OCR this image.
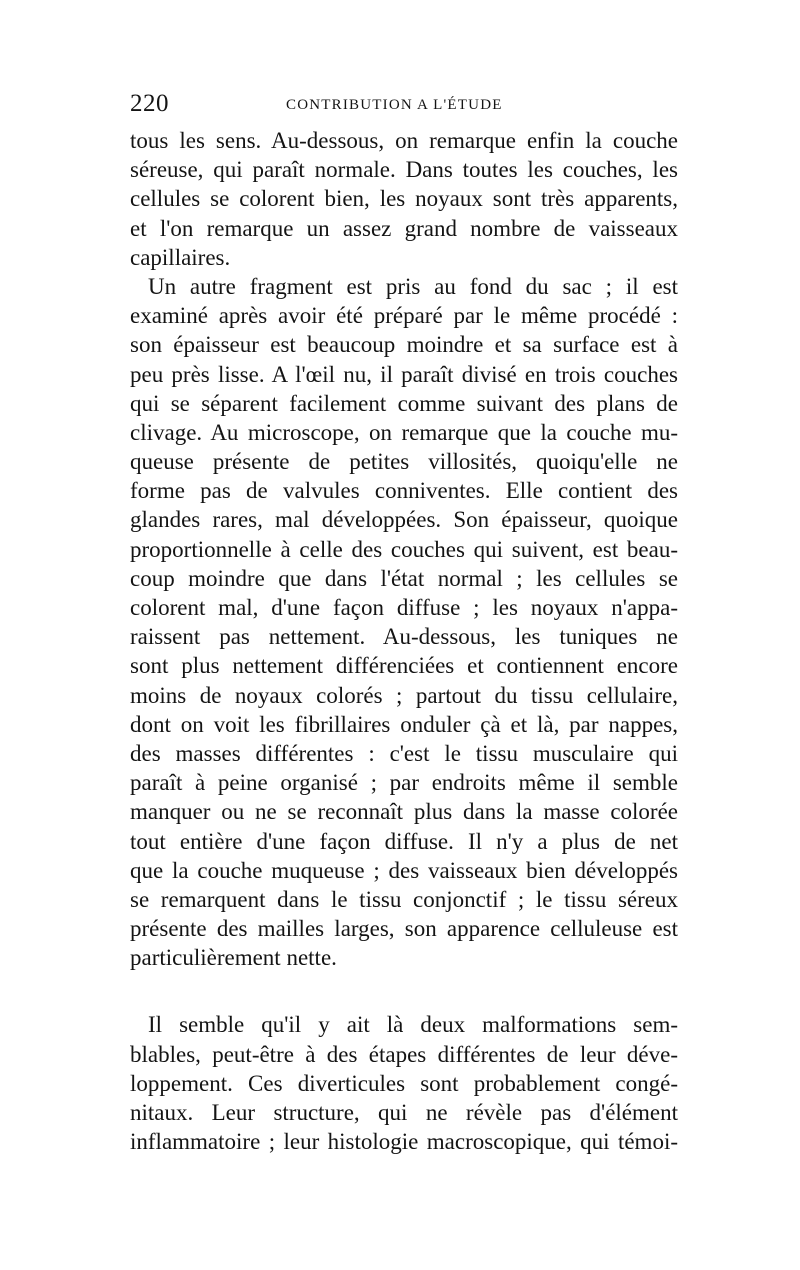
220	CONTRIBUTION A L'ÉTUDE
tous les sens. Au-dessous, on remarque enfin la couche
séreuse, qui paraît normale. Dans toutes les couches, les
cellules se colorent bien, les noyaux sont très apparents,
et l'on remarque un assez grand nombre de vaisseaux
capillaires.
Un autre fragment est pris au fond du sac ; il est
examiné après avoir été préparé par le même procédé :
son épaisseur est beaucoup moindre et sa surface est à
peu près lisse. A l'œil nu, il paraît divisé en trois couches
qui se séparent facilement comme suivant des plans de
clivage. Au microscope, on remarque que la couche mu-
queuse présente de petites villosités, quoiqu'elle ne
forme pas de valvules conniventes. Elle contient des
glandes rares, mal développées. Son épaisseur, quoique
proportionnelle à celle des couches qui suivent, est beau-
coup moindre que dans l'état normal ; les cellules se
colorent mal, d'une façon diffuse ; les noyaux n'appa-
raissent pas nettement. Au-dessous, les tuniques ne
sont plus nettement différenciées et contiennent encore
moins de noyaux colorés ; partout du tissu cellulaire,
dont on voit les fibrillaires onduler çà et là, par nappes,
des masses différentes : c'est le tissu musculaire qui
paraît à peine organisé ; par endroits même il semble
manquer ou ne se reconnaît plus dans la masse colorée
tout entière d'une façon diffuse. Il n'y a plus de net
que la couche muqueuse ; des vaisseaux bien développés
se remarquent dans le tissu conjonctif ; le tissu séreux
présente des mailles larges, son apparence celluleuse est
particulièrement nette.
Il semble qu'il y ait là deux malformations sem-
blables, peut-être à des étapes différentes de leur déve-
loppement. Ces diverticules sont probablement congé-
nitaux. Leur structure, qui ne révèle pas d'élément
inflammatoire ; leur histologie macroscopique, qui témoi-
